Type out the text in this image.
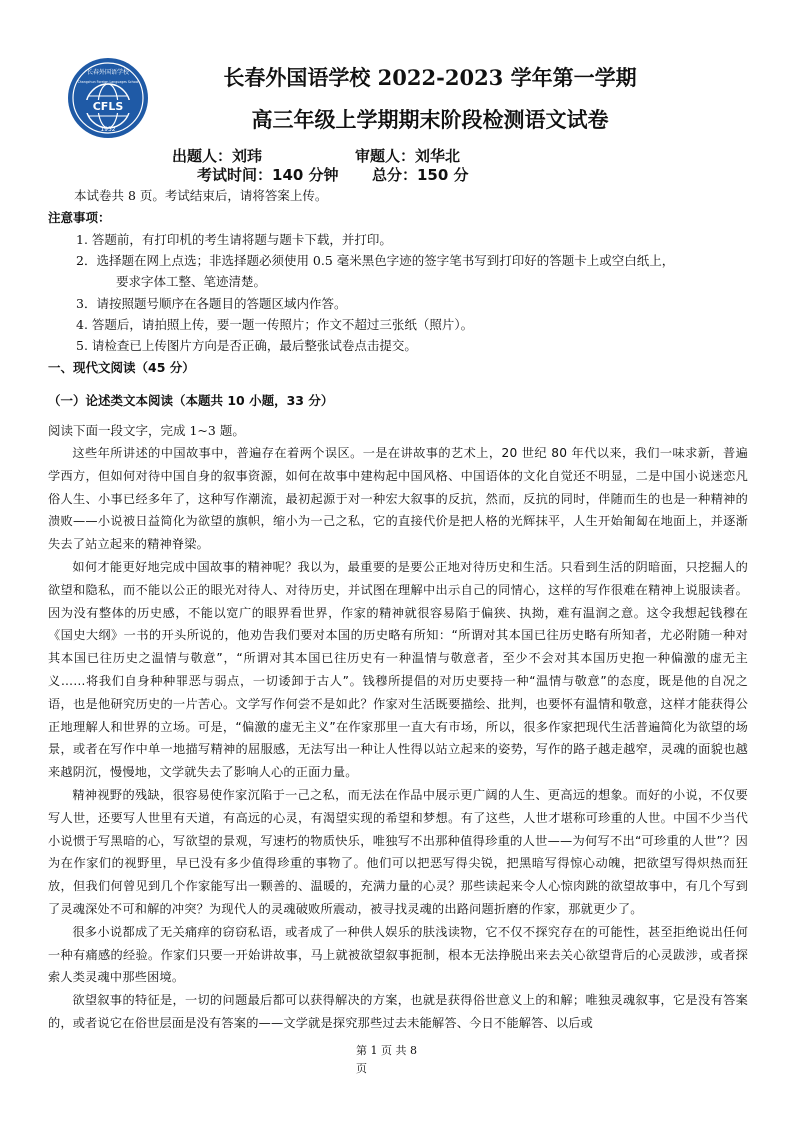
CFLS
长春外国语学校
Changchun Foreign Languages School
1952
长春外国语学校 2022-2023 学年第一学期
高三年级上学期期末阶段检测语文试卷
出题人：刘玮	审题人：刘华北
考试时间：140 分钟 总分：150 分
本试卷共 8 页。考试结束后，请将答案上传。
注意事项：
1. 答题前，有打印机的考生请将题与题卡下载，并打印。
2．选择题在网上点选；非选择题必须使用 0.5 毫米黑色字迹的签字笔书写到打印好的答题卡上或空白纸上，
要求字体工整、笔迹清楚。
3．请按照题号顺序在各题目的答题区域内作答。
4. 答题后，请拍照上传，要一题一传照片；作文不超过三张纸（照片）。
5. 请检查已上传图片方向是否正确，最后整张试卷点击提交。
一、现代文阅读（45 分）
（一）论述类文本阅读（本题共 10 小题，33 分）
阅读下面一段文字，完成 1~3 题。

这些年所讲述的中国故事中，普遍存在着两个误区。一是在讲故事的艺术上，20 世纪 80 年代以来，我们一味求新，普遍学西方，但如何对待中国自身的叙事资源，如何在故事中建构起中国风格、中国语体的文化自觉还不明显，二是中国小说迷恋凡俗人生、小事已经多年了，这种写作潮流，最初起源于对一种宏大叙事的反抗，然而，反抗的同时，伴随而生的也是一种精神的溃败——小说被日益简化为欲望的旗帜，缩小为一己之私，它的直接代价是把人格的光辉抹平，人生开始匍匐在地面上，并逐渐失去了站立起来的精神脊梁。

如何才能更好地完成中国故事的精神呢？我以为，最重要的是要公正地对待历史和生活。只看到生活的阴暗面，只挖掘人的欲望和隐私，而不能以公正的眼光对待人、对待历史，并试图在理解中出示自己的同情心，这样的写作很难在精神上说服读者。因为没有整体的历史感，不能以宽广的眼界看世界，作家的精神就很容易陷于偏狭、执拗，难有温润之意。这令我想起钱穆在《国史大纲》一书的开头所说的，他劝告我们要对本国的历史略有所知：“所谓对其本国已往历史略有所知者，尤必附随一种对其本国已往历史之温情与敬意”，“所谓对其本国已往历史有一种温情与敬意者，至少不会对其本国历史抱一种偏激的虚无主义……将我们自身种种罪恶与弱点，一切诿卸于古人”。钱穆所提倡的对历史要持一种“温情与敬意”的态度，既是他的自况之语，也是他研究历史的一片苦心。文学写作何尝不是如此？作家对生活既要描绘、批判，也要怀有温情和敬意，这样才能获得公正地理解人和世界的立场。可是，“偏激的虚无主义”在作家那里一直大有市场，所以，很多作家把现代生活普遍简化为欲望的场景，或者在写作中单一地描写精神的屈服感，无法写出一种让人性得以站立起来的姿势，写作的路子越走越窄，灵魂的面貌也越来越阴沉，慢慢地，文学就失去了影响人心的正面力量。

精神视野的残缺，很容易使作家沉陷于一己之私，而无法在作品中展示更广阔的人生、更高远的想象。而好的小说，不仅要写人世，还要写人世里有天道，有高远的心灵，有渴望实现的希望和梦想。有了这些，人世才堪称可珍重的人世。中国不少当代小说惯于写黑暗的心，写欲望的景观，写速朽的物质快乐，唯独写不出那种值得珍重的人世——为何写不出“可珍重的人世”？因为在作家们的视野里，早已没有多少值得珍重的事物了。他们可以把恶写得尖锐，把黑暗写得惊心动魄，把欲望写得炽热而狂放，但我们何曾见到几个作家能写出一颗善的、温暖的，充满力量的心灵？那些读起来令人心惊肉跳的欲望故事中，有几个写到了灵魂深处不可和解的冲突？为现代人的灵魂破败所震动，被寻找灵魂的出路问题折磨的作家，那就更少了。

很多小说都成了无关痛痒的窃窃私语，或者成了一种供人娱乐的肤浅读物，它不仅不探究存在的可能性，甚至拒绝说出任何一种有痛感的经验。作家们只要一开始讲故事，马上就被欲望叙事扼制，根本无法挣脱出来去关心欲望背后的心灵跋涉，或者探索人类灵魂中那些困境。

欲望叙事的特征是，一切的问题最后都可以获得解决的方案，也就是获得俗世意义上的和解；唯独灵魂叙事，它是没有答案的，或者说它在俗世层面是没有答案的——文学就是探究那些过去未能解答、今日不能解答、以后或

第 1 页 共 8
页
